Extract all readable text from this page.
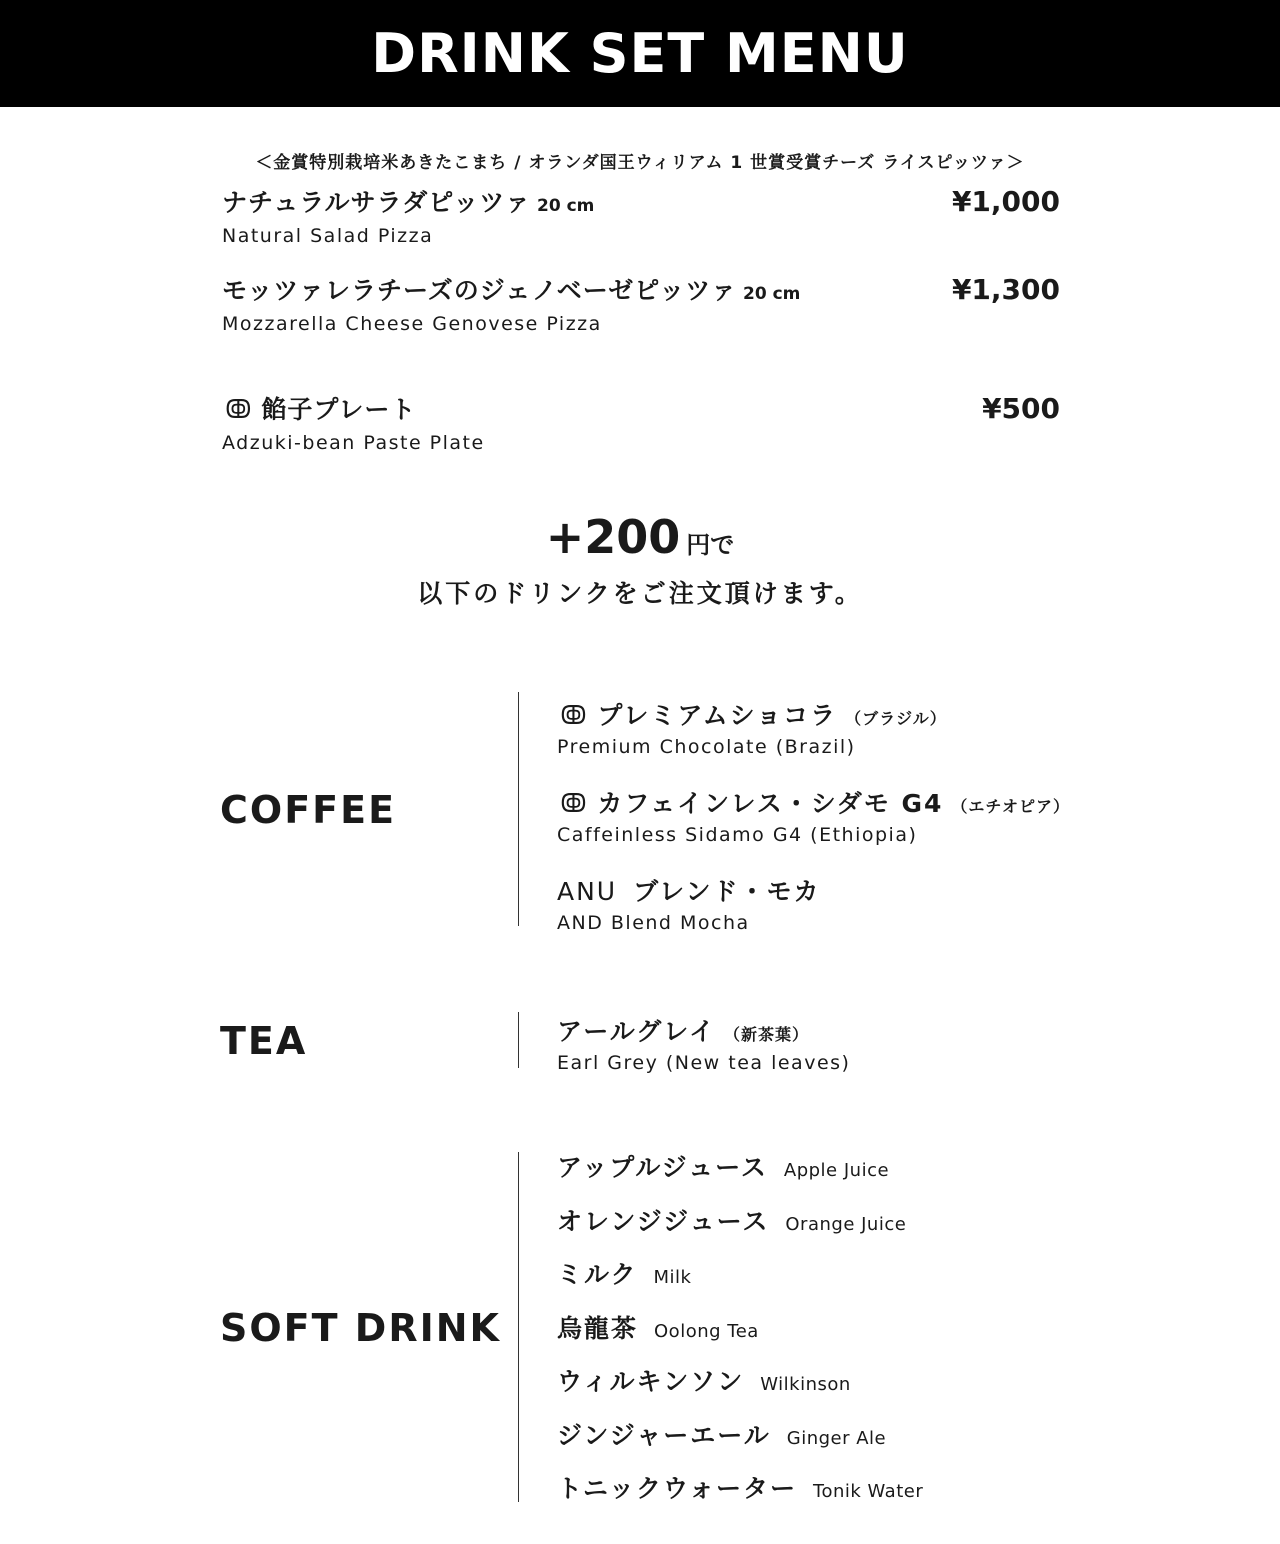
DRINK SET MENU
＜金賞特別栽培米あきたこまち / オランダ国王ウィリアム 1 世賞受賞チーズ ライスピッツァ＞
ナチュラルサラダピッツァ 20 cm	¥1,000
Natural Salad Pizza
モッツァレラチーズのジェノベーゼピッツァ 20 cm	¥1,300
Mozzarella Cheese Genovese Pizza
ↂ 餡子プレート	¥500
Adzuki-bean Paste Plate
+200 円で
以下のドリンクをご注文頂けます。
COFFEE
ↂ プレミアムショコラ （ブラジル）
Premium Chocolate (Brazil)
ↂ カフェインレス・シダモ G4 （エチオピア）
Caffeinless Sidamo G4 (Ethiopia)
ANᑌ ブレンド・モカ
AND Blend Mocha
TEA	アールグレイ （新茶葉）
Earl Grey (New tea leaves)
SOFT DRINK
アップルジュース Apple Juice
オレンジジュース Orange Juice
ミルク Milk
烏龍茶 Oolong Tea
ウィルキンソン Wilkinson
ジンジャーエール Ginger Ale
トニックウォーター Tonik Water
